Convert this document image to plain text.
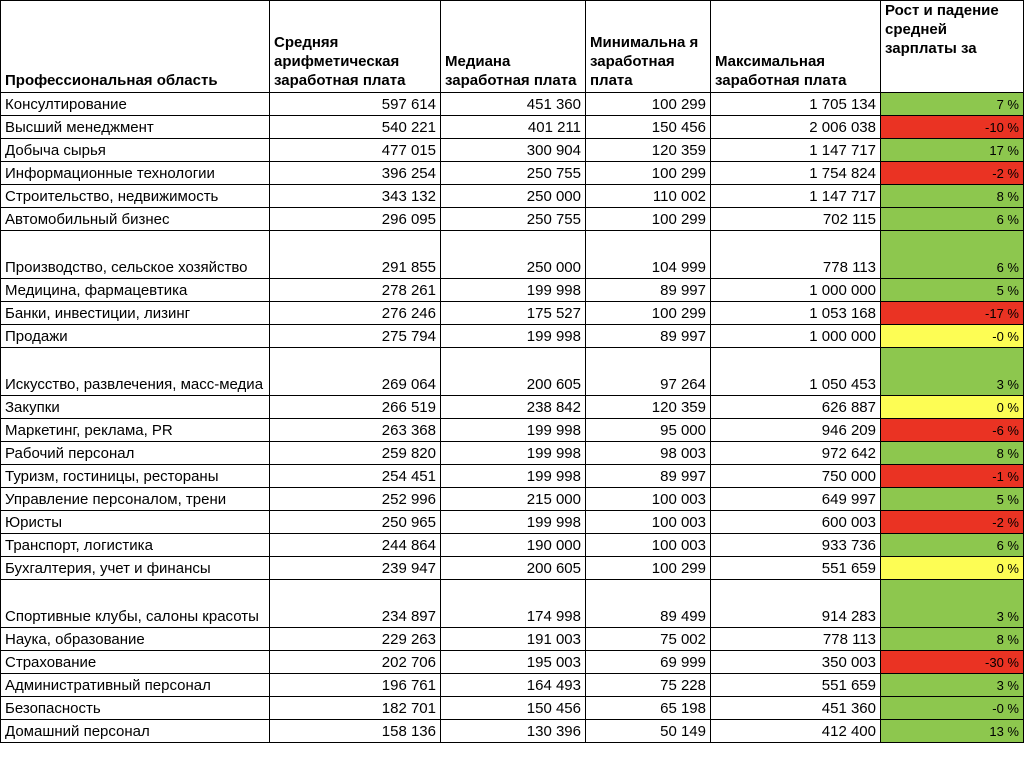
Профессиональная область	Средняя арифметическая заработная плата	Медиана заработная плата	Минимальна я заработная плата	Максимальная заработная плата	Рост и падение средней зарплаты за
Консултирование	597 614	451 360	100 299	1 705 134	7 %
Высший менеджмент	540 221	401 211	150 456	2 006 038	-10 %
Добыча сырья	477 015	300 904	120 359	1 147 717	17 %
Информационные технологии	396 254	250 755	100 299	1 754 824	-2 %
Строительство, недвижимость	343 132	250 000	110 002	1 147 717	8 %
Автомобильный бизнес	296 095	250 755	100 299	702 115	6 %
Производство, сельское хозяйство	291 855	250 000	104 999	778 113	6 %
Медицина, фармацевтика	278 261	199 998	89 997	1 000 000	5 %
Банки, инвестиции, лизинг	276 246	175 527	100 299	1 053 168	-17 %
Продажи	275 794	199 998	89 997	1 000 000	-0 %
Искусство, развлечения, масс-медиа	269 064	200 605	97 264	1 050 453	3 %
Закупки	266 519	238 842	120 359	626 887	0 %
Маркетинг, реклама, PR	263 368	199 998	95 000	946 209	-6 %
Рабочий персонал	259 820	199 998	98 003	972 642	8 %
Туризм, гостиницы, рестораны	254 451	199 998	89 997	750 000	-1 %
Управление персоналом, трени	252 996	215 000	100 003	649 997	5 %
Юристы	250 965	199 998	100 003	600 003	-2 %
Транспорт, логистика	244 864	190 000	100 003	933 736	6 %
Бухгалтерия, учет и финансы	239 947	200 605	100 299	551 659	0 %
Спортивные клубы, салоны красоты	234 897	174 998	89 499	914 283	3 %
Наука, образование	229 263	191 003	75 002	778 113	8 %
Страхование	202 706	195 003	69 999	350 003	-30 %
Административный персонал	196 761	164 493	75 228	551 659	3 %
Безопасность	182 701	150 456	65 198	451 360	-0 %
Домашний персонал	158 136	130 396	50 149	412 400	13 %
